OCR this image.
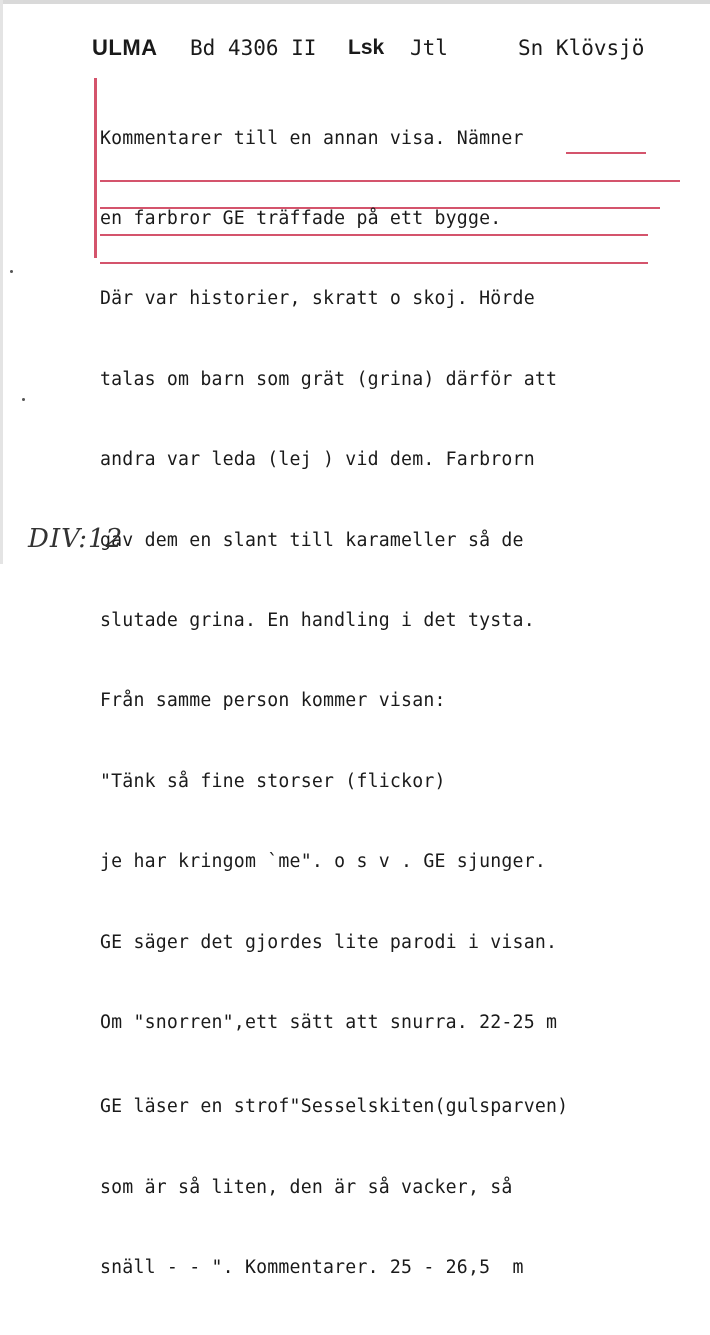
ULMA Bd 4306 II Lsk Jtl	Sn Klövsjö

Kommentarer till en annan visa. Nämner

en farbror GE träffade på ett bygge.

Där var historier, skratt o skoj. Hörde

talas om barn som grät (grina) därför att

andra var leda (lej ) vid dem. Farbrorn

gav dem en slant till karameller så de

slutade grina. En handling i det tysta.

Från samme person kommer visan:

"Tänk så fine storser (flickor)

je har kringom `me". o s v . GE sjunger.

GE säger det gjordes lite parodi i visan.

Om "snorren",ett sätt att snurra. 22-25 m

GE läser en strof"Sesselskiten(gulsparven)

som är så liten, den är så vacker, så

snäll - - ". Kommentarer. 25 - 26,5  m

DIV:12
